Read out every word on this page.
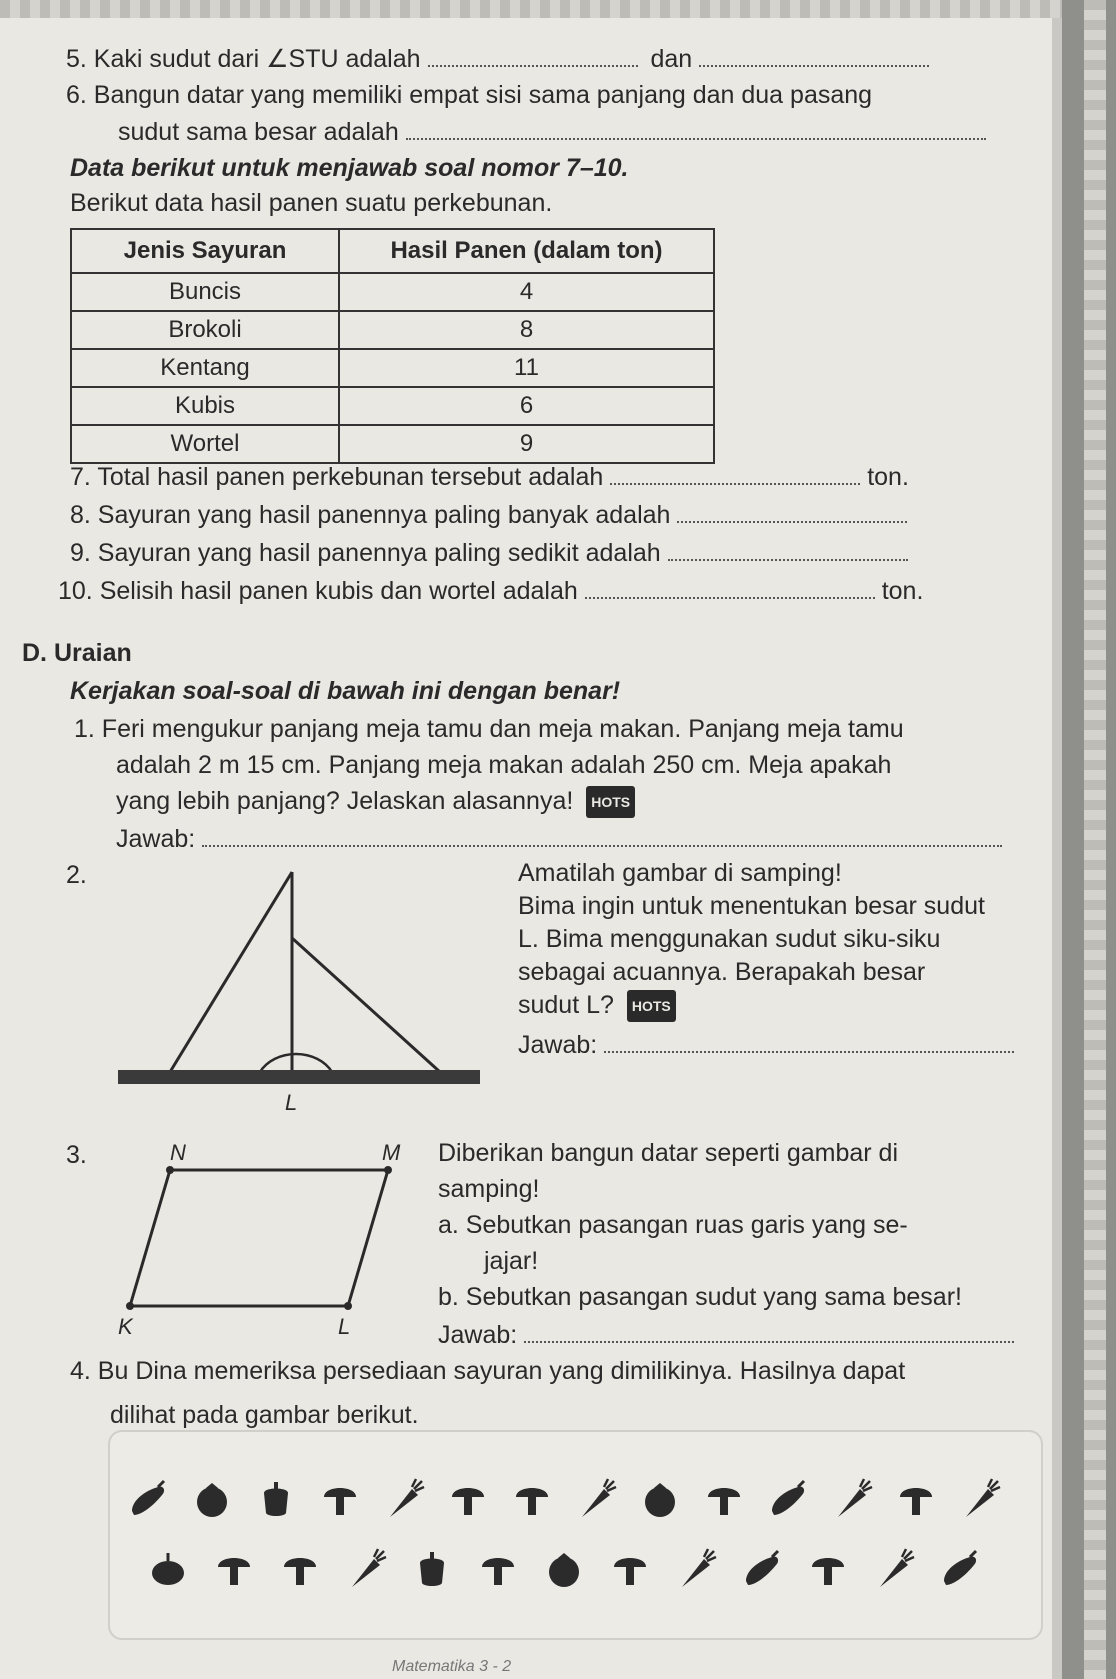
5. Kaki sudut dari ∠STU adalah	dan
6. Bangun datar yang memiliki empat sisi sama panjang dan dua pasang
sudut sama besar adalah
Data berikut untuk menjawab soal nomor 7–10.
Berikut data hasil panen suatu perkebunan.
Jenis Sayuran	Hasil Panen (dalam ton)
Buncis	4
Brokoli	8
Kentang	11
Kubis	6
Wortel	9
7. Total hasil panen perkebunan tersebut adalah	ton.
8. Sayuran yang hasil panennya paling banyak adalah
9. Sayuran yang hasil panennya paling sedikit adalah
10. Selisih hasil panen kubis dan wortel adalah	ton.
D. Uraian
Kerjakan soal-soal di bawah ini dengan benar!
1. Feri mengukur panjang meja tamu dan meja makan. Panjang meja tamu
adalah 2 m 15 cm. Panjang meja makan adalah 250 cm. Meja apakah
yang lebih panjang? Jelaskan alasannya! HOTS
Jawab:
2.
L
Amatilah gambar di samping!
Bima ingin untuk menentukan besar sudut
L. Bima menggunakan sudut siku-siku
sebagai acuannya. Berapakah besar
sudut L? HOTS
Jawab:
3.	N	M
K	L
Diberikan bangun datar seperti gambar di
samping!
a. Sebutkan pasangan ruas garis yang se-
jajar!
b. Sebutkan pasangan sudut yang sama besar!
Jawab:
4. Bu Dina memeriksa persediaan sayuran yang dimilikinya. Hasilnya dapat
dilihat pada gambar berikut.
Matematika 3 - 2
